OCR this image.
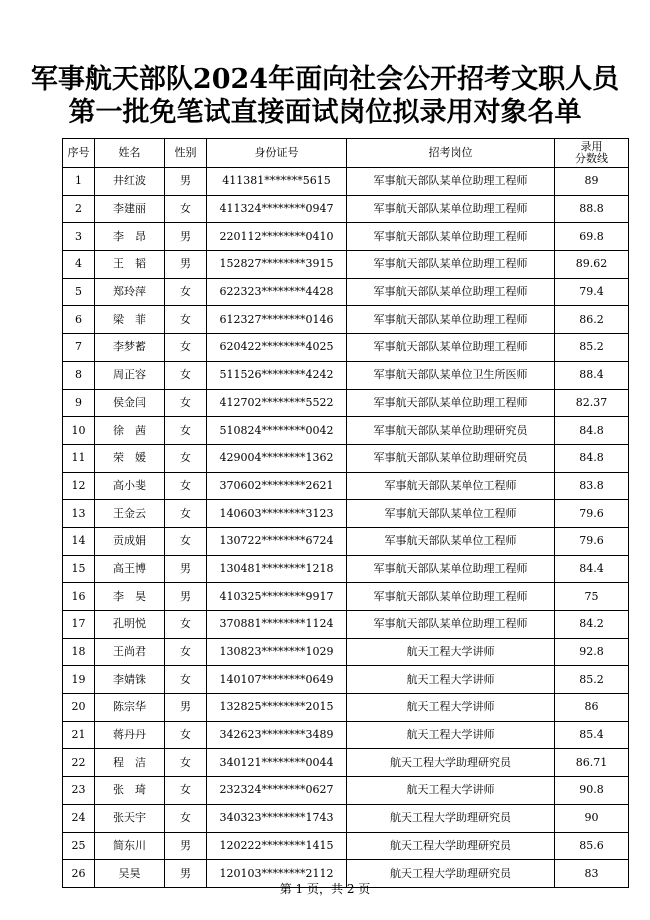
军事航天部队2024年面向社会公开招考文职人员
第一批免笔试直接面试岗位拟录用对象名单
序号	姓名	性别	身份证号	招考岗位	录用
分数线

1	井红波	男	411381*******5615	军事航天部队某单位助理工程师	89
2	李建丽	女	411324********0947	军事航天部队某单位助理工程师	88.8
3	李　昂	男	220112********0410	军事航天部队某单位助理工程师	69.8
4	王　韬	男	152827********3915	军事航天部队某单位助理工程师	89.62
5	郑玲萍	女	622323********4428	军事航天部队某单位助理工程师	79.4
6	梁　菲	女	612327********0146	军事航天部队某单位助理工程师	86.2
7	李梦蓄	女	620422********4025	军事航天部队某单位助理工程师	85.2
8	周正容	女	511526********4242	军事航天部队某单位卫生所医师	88.4
9	侯金闫	女	412702********5522	军事航天部队某单位助理工程师	82.37
10	徐　茜	女	510824********0042	军事航天部队某单位助理研究员	84.8
11	荣　媛	女	429004********1362	军事航天部队某单位助理研究员	84.8
12	高小斐	女	370602********2621	军事航天部队某单位工程师	83.8
13	王金云	女	140603********3123	军事航天部队某单位工程师	79.6
14	贡成娟	女	130722********6724	军事航天部队某单位工程师	79.6
15	高王博	男	130481********1218	军事航天部队某单位助理工程师	84.4
16	李　昊	男	410325********9917	军事航天部队某单位助理工程师	75
17	孔明悦	女	370881********1124	军事航天部队某单位助理工程师	84.2
18	王尚君	女	130823********1029	航天工程大学讲师	92.8
19	李婧铢	女	140107********0649	航天工程大学讲师	85.2
20	陈宗华	男	132825********2015	航天工程大学讲师	86
21	蒋丹丹	女	342623********3489	航天工程大学讲师	85.4
22	程　洁	女	340121********0044	航天工程大学助理研究员	86.71
23	张　琦	女	232324********0627	航天工程大学讲师	90.8
24	张天宇	女	340323********1743	航天工程大学助理研究员	90
25	简东川	男	120222********1415	航天工程大学助理研究员	85.6
26	吴昊	男	120103********2112	航天工程大学助理研究员	83
第 1 页，共 2 页
